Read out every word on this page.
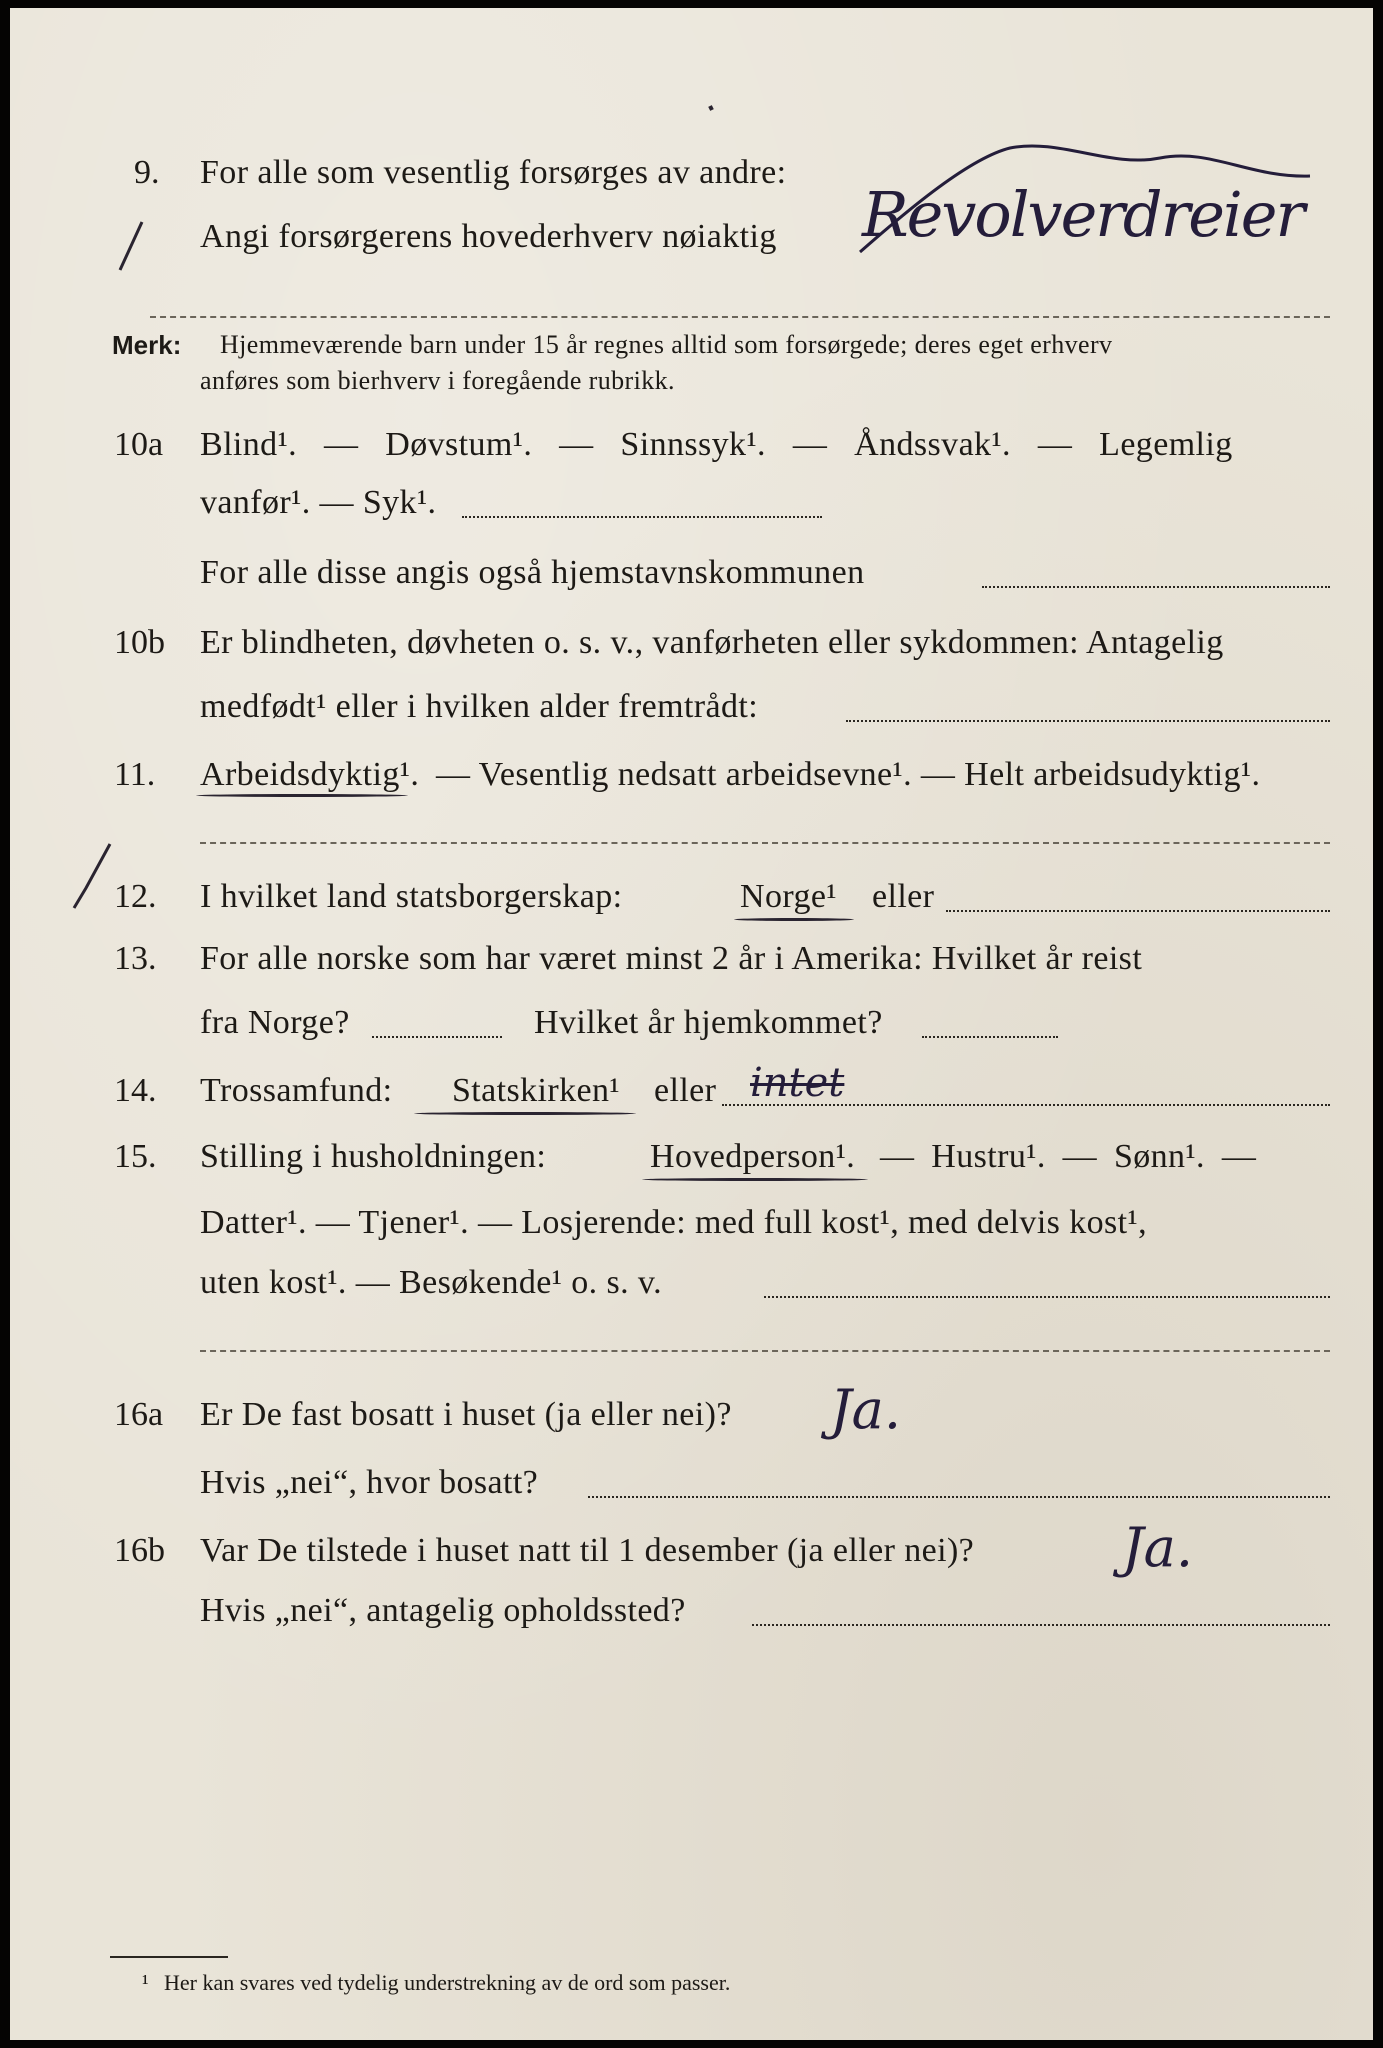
9. For alle som vesentlig forsørges av andre:
Angi forsørgerens hovederhverv nøiaktig Revolverdreier
Merk: Hjemmeværende barn under 15 år regnes alltid som forsørgede; deres eget erhverv
anføres som bierhverv i foregående rubrikk.
10a Blind¹. — Døvstum¹. — Sinnssyk¹. — Åndssvak¹. — Legemlig
vanfør¹. — Syk¹.
For alle disse angis også hjemstavnskommunen
10b Er blindheten, døvheten o. s. v., vanførheten eller sykdommen: Antagelig
medfødt¹ eller i hvilken alder fremtrådt:
11. Arbeidsdyktig¹. — Vesentlig nedsatt arbeidsevne¹. — Helt arbeidsudyktig¹.
12. I hvilket land statsborgerskap:	Norge¹ eller
13. For alle norske som har været minst 2 år i Amerika: Hvilket år reist
fra Norge?	Hvilket år hjemkommet?
14. Trossamfund: Statskirken¹ eller intet
15. Stilling i husholdningen:	Hovedperson¹. — Hustru¹. — Sønn¹. —
Datter¹. — Tjener¹. — Losjerende: med full kost¹, med delvis kost¹,
uten kost¹. — Besøkende¹ o. s. v.
16a Er De fast bosatt i huset (ja eller nei)? Ja.
Hvis „nei“, hvor bosatt?
16b Var De tilstede i huset natt til 1 desember (ja eller nei)?	Ja.
Hvis „nei“, antagelig opholdssted?
¹ Her kan svares ved tydelig understrekning av de ord som passer.
